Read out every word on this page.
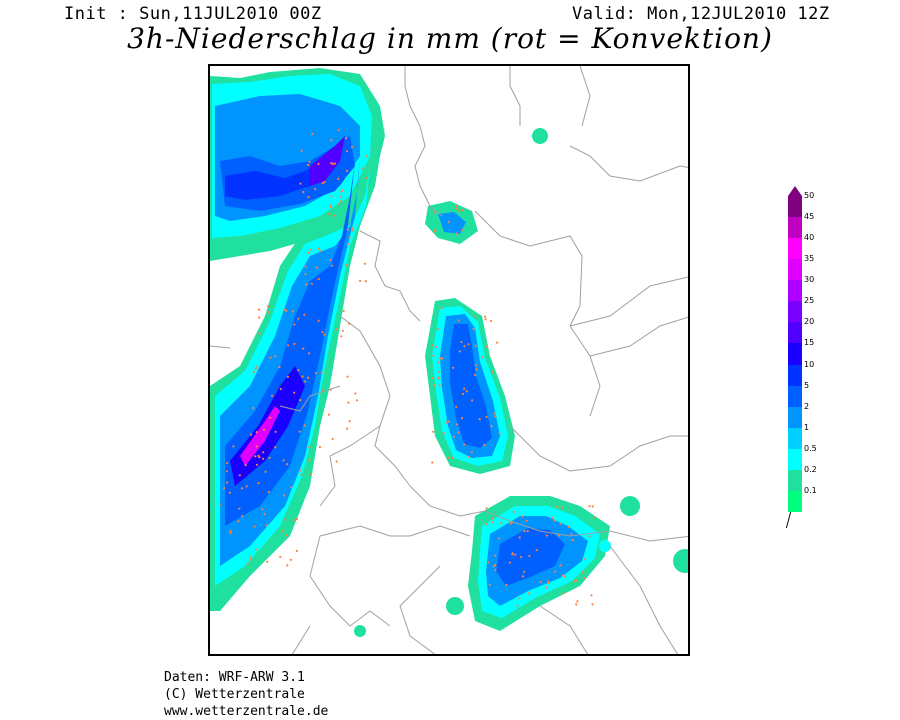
Init : Sun,11JUL2010 00Z	Valid: Mon,12JUL2010 12Z
3h-Niederschlag in mm (rot = Konvektion)
0.1
0.2
0.5
1
2
5
10
15
20
25
30
35
40
45
50
Daten: WRF-ARW 3.1
(C) Wetterzentrale
www.wetterzentrale.de
